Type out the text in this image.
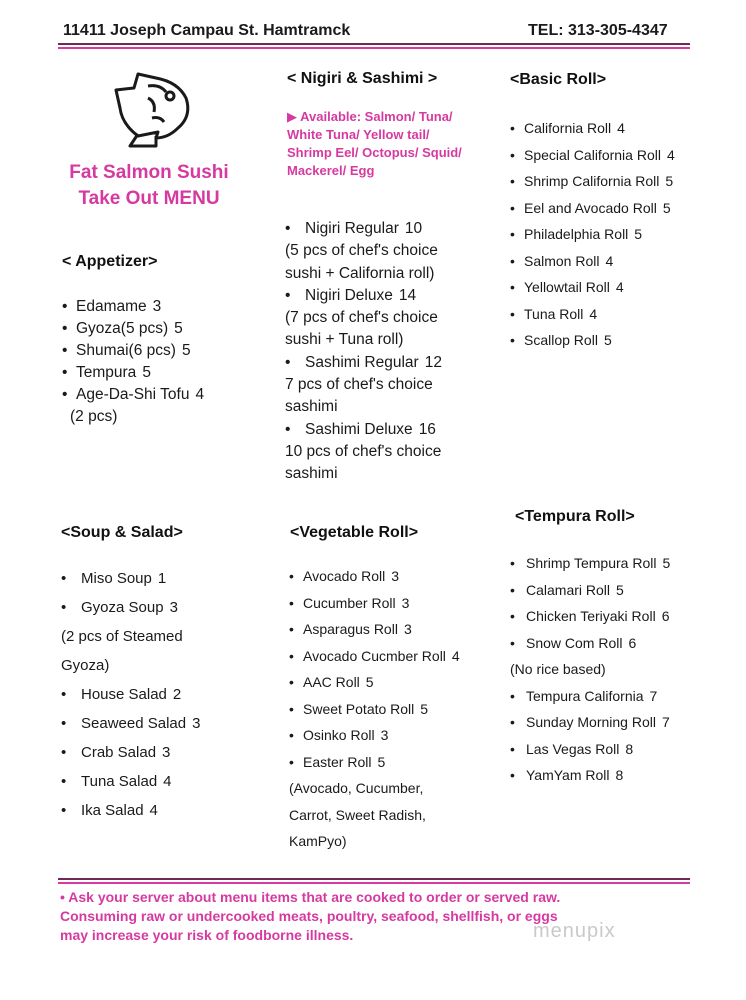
11411 Joseph Campau St. Hamtramck	TEL: 313-305-4347
Fat Salmon Sushi
Take Out MENU
< Appetizer>
• Edamame 3
• Gyoza(5 pcs) 5
• Shumai(6 pcs) 5
• Tempura 5
• Age-Da-Shi Tofu 4
(2 pcs)
< Nigiri & Sashimi >
▶ Available: Salmon/ Tuna/ White Tuna/ Yellow tail/ Shrimp Eel/ Octopus/ Squid/ Mackerel/ Egg
• Nigiri Regular 10
(5 pcs of chef's choice
sushi + California roll)
• Nigiri Deluxe 14
(7 pcs of chef's choice
sushi + Tuna roll)
• Sashimi Regular 12
7 pcs of chef's choice
sashimi
• Sashimi Deluxe 16
10 pcs of chef's choice
sashimi
<Basic Roll>
• California Roll 4
• Special California Roll 4
• Shrimp California Roll 5
• Eel and Avocado Roll 5
• Philadelphia Roll 5
• Salmon Roll 4
• Yellowtail Roll 4
• Tuna Roll 4
• Scallop Roll 5
<Soup & Salad>
• Miso Soup 1
• Gyoza Soup 3
(2 pcs of Steamed
Gyoza)
• House Salad 2
• Seaweed Salad 3
• Crab Salad 3
• Tuna Salad 4
• Ika Salad 4
<Vegetable Roll>
• Avocado Roll 3
• Cucumber Roll 3
• Asparagus Roll 3
• Avocado Cucmber Roll 4
• AAC Roll 5
• Sweet Potato Roll 5
• Osinko Roll 3
• Easter Roll 5
(Avocado, Cucumber,
Carrot, Sweet Radish,
KamPyo)
<Tempura Roll>
• Shrimp Tempura Roll 5
• Calamari Roll 5
• Chicken Teriyaki Roll 6
• Snow Com Roll 6
(No rice based)
• Tempura California 7
• Sunday Morning Roll 7
• Las Vegas Roll 8
• YamYam Roll 8
• Ask your server about menu items that are cooked to order or served raw.
Consuming raw or undercooked meats, poultry, seafood, shellfish, or eggs
may increase your risk of foodborne illness.	menupix
